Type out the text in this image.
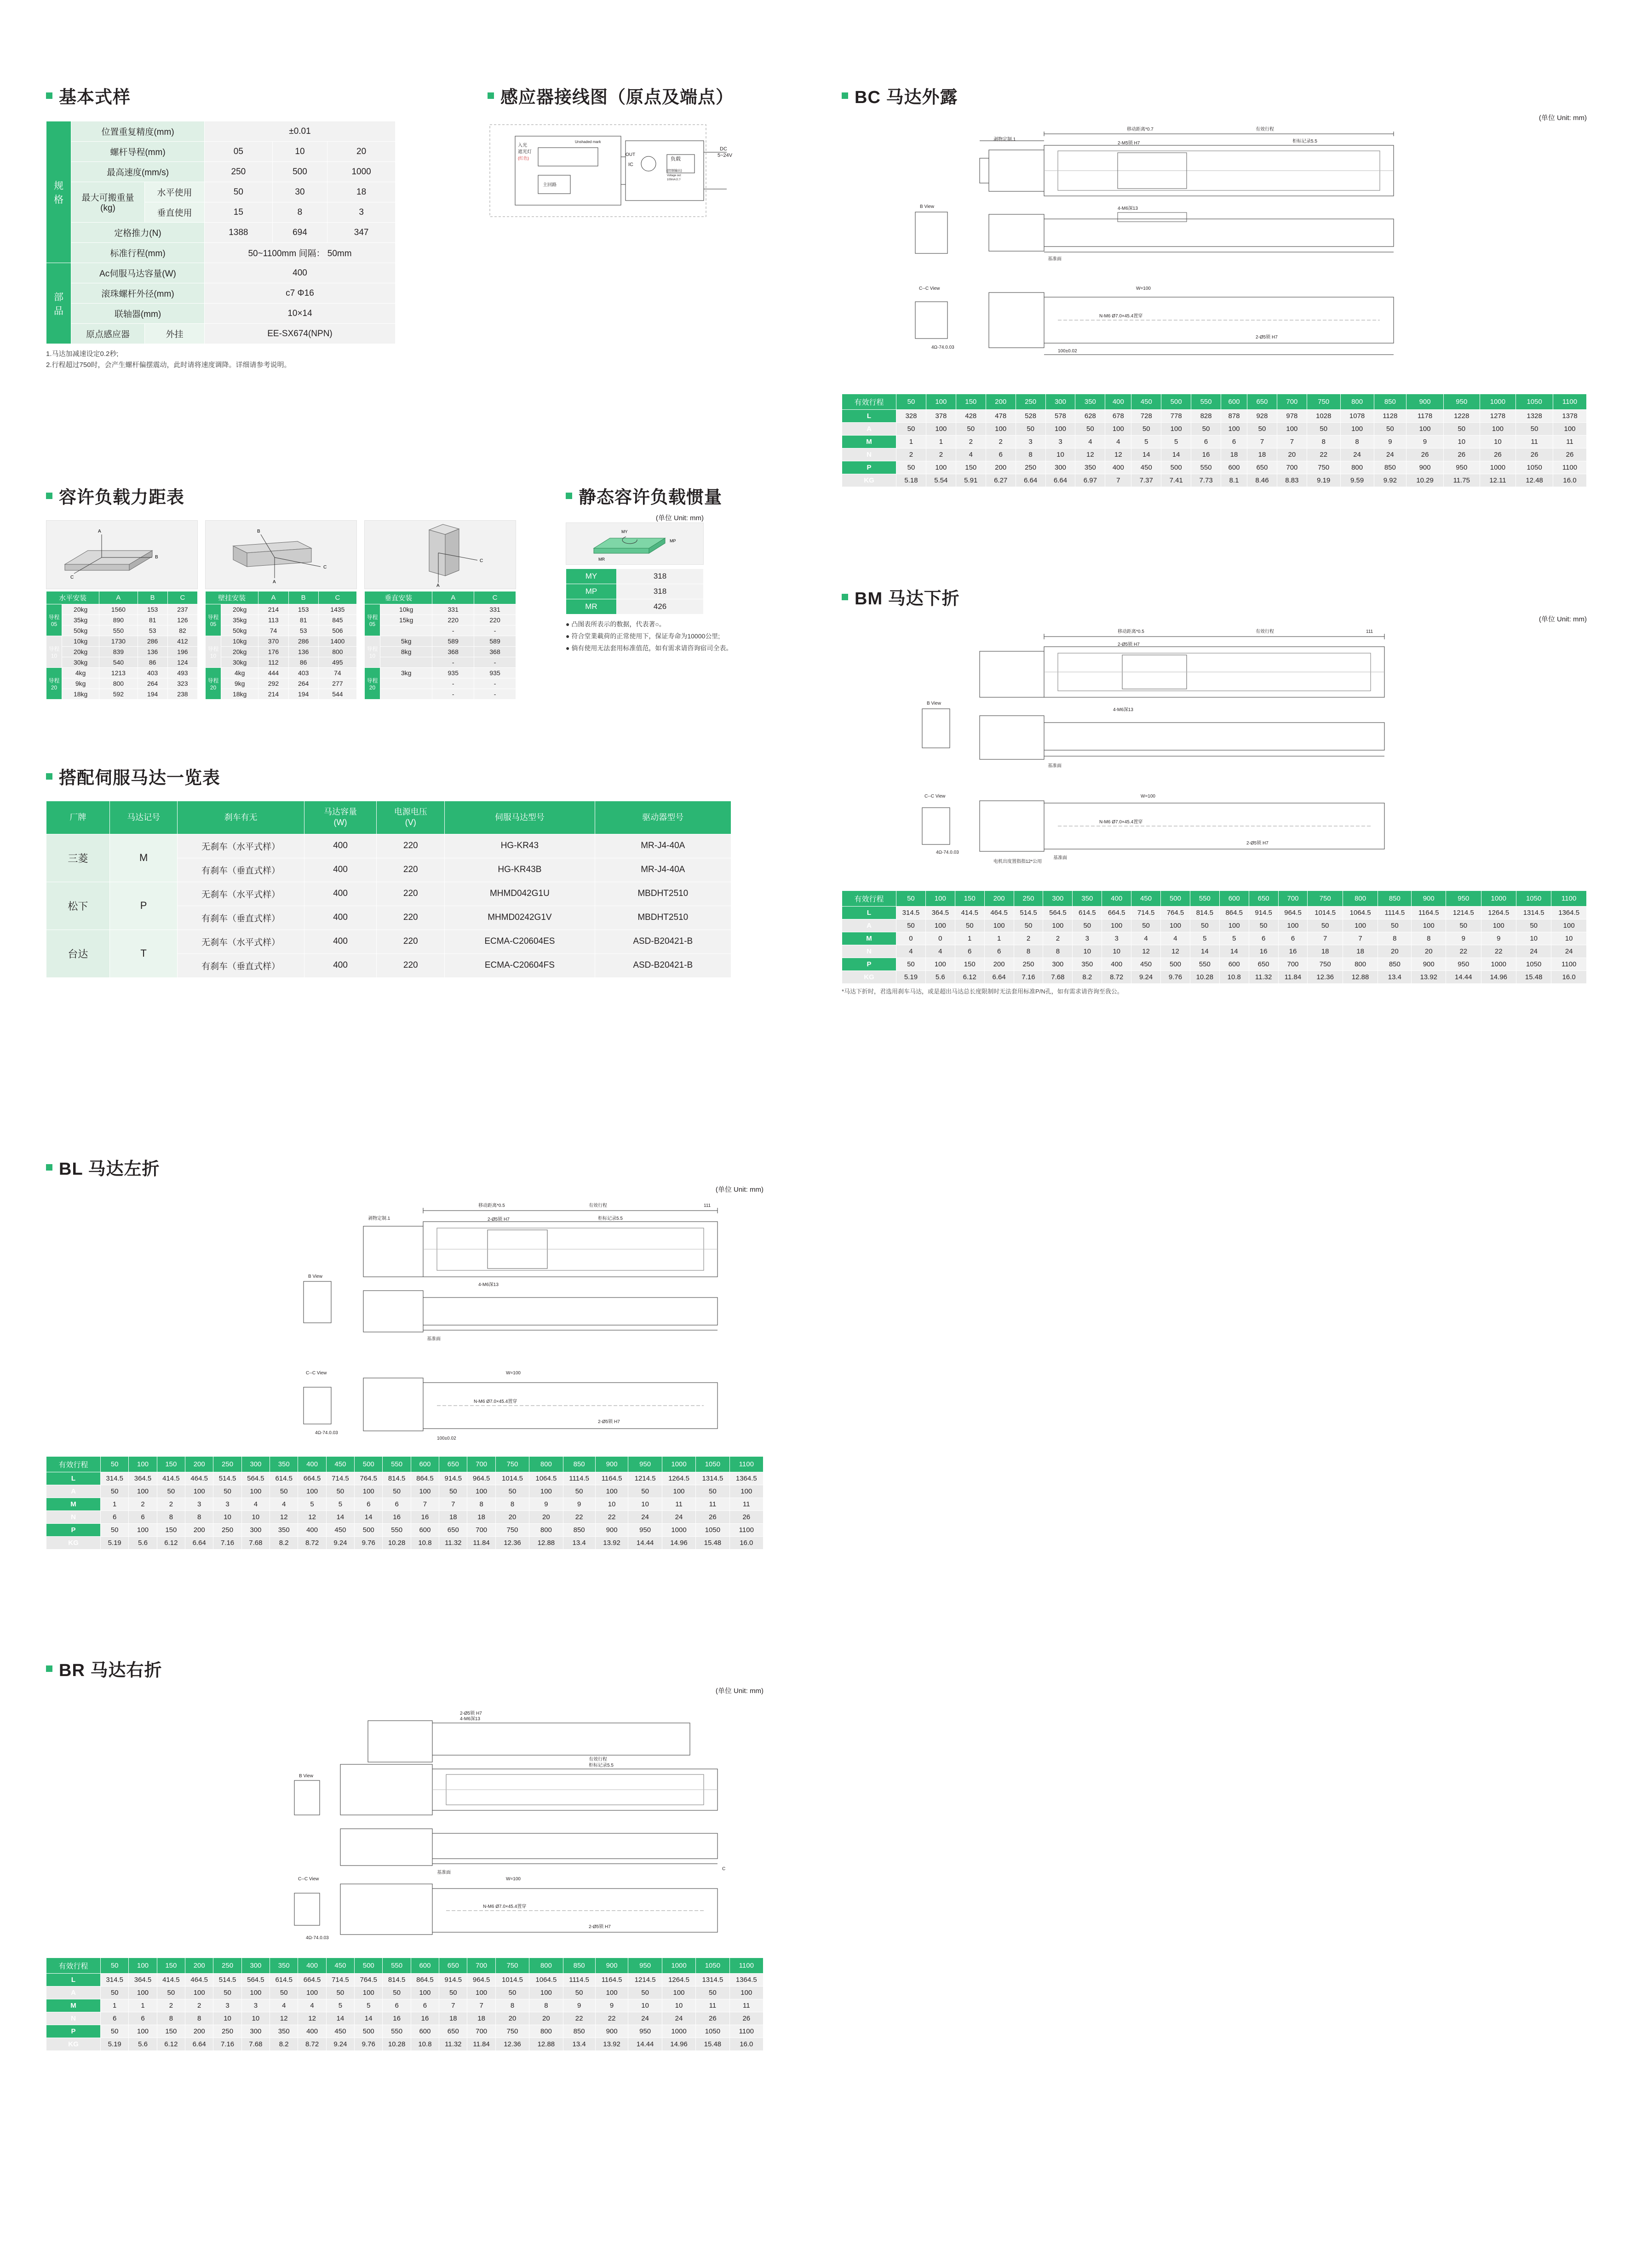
基本式样
规格	位置重复精度(mm)		±0.01		
	螺杆导程(mm)		05	10	20
	最高速度(mm/s)		250	500	1000
	最大可搬重量
(kg)	水平使用	50	30	18
		垂直使用	15	8	3
	定格推力(N)		1388	694	347
	标准行程(mm)		50~1100mm 间隔： 50mm		
部品	Ac伺服马达容量(W)		400		
	滚珠螺杆外径(mm)		c7 Φ16		
	联轴器(mm)		10×14		
	原点感应器	外挂	EE-SX674(NPN)		
1.马达加减速设定0.2秒;
2.行程超过750时，会产生螺杆偏摆震动，此时请将速度调降。详细请参考说明。
感应器接线图（原点及端点）
入光
遮光灯
(红色)
主回路
Unshaded mark
IC
OUT
负载
(控制输出)
Voltage out:
100mA以下
DC
5~24V
BC 马达外露
(单位 Unit: mm)
移动距离*0.7	有效行程
剥物定制.1
2-M5锁 H7	柜标记录5.5
B View	4-M6深13
基准面
C--C View	W=100
N-M6 Ø7.0×45.4置穿
2-Ø5锁 H7
4Ω-74.0.03
100±0.02
有效行程	50	100	150	200	250	300	350	400	450	500	550	600	650	700	750	800	850	900	950	1000	1050	1100
L	328	378	428	478	528	578	628	678	728	778	828	878	928	978	1028	1078	1128	1178	1228	1278	1328	1378
A	50	100	50	100	50	100	50	100	50	100	50	100	50	100	50	100	50	100	50	100	50	100
M	1	1	2	2	3	3	4	4	5	5	6	6	7	7	8	8	9	9	10	10	11	11
N	2	2	4	6	8	10	12	12	14	14	16	18	18	20	22	24	24	26	26	26	26	26
P	50	100	150	200	250	300	350	400	450	500	550	600	650	700	750	800	850	900	950	1000	1050	1100
KG	5.18	5.54	5.91	6.27	6.64	6.64	6.97	7	7.37	7.41	7.73	8.1	8.46	8.83	9.19	9.59	9.92	10.29	11.75	12.11	12.48	16.0
BM 马达下折
(单位 Unit: mm)
移动距离*0.5	有效行程	111
2-Ø5锁 H7
B View
4-M6深13
基准面
C--C View	W=100
N-M6 Ø7.0×45.4置穿
2-Ø5锁 H7
4Ω-74.0.03
电机出度置指指12*公用
基准面
有效行程	50	100	150	200	250	300	350	400	450	500	550	600	650	700	750	800	850	900	950	1000	1050	1100
L	314.5	364.5	414.5	464.5	514.5	564.5	614.5	664.5	714.5	764.5	814.5	864.5	914.5	964.5	1014.5	1064.5	1114.5	1164.5	1214.5	1264.5	1314.5	1364.5
A	50	100	50	100	50	100	50	100	50	100	50	100	50	100	50	100	50	100	50	100	50	100
M	0	0	1	1	2	2	3	3	4	4	5	5	6	6	7	7	8	8	9	9	10	10
N	4	4	6	6	8	8	10	10	12	12	14	14	16	16	18	18	20	20	22	22	24	24
P	50	100	150	200	250	300	350	400	450	500	550	600	650	700	750	800	850	900	950	1000	1050	1100
KG	5.19	5.6	6.12	6.64	7.16	7.68	8.2	8.72	9.24	9.76	10.28	10.8	11.32	11.84	12.36	12.88	13.4	13.92	14.44	14.96	15.48	16.0
*马达下折时，君选用刹车马达，或是超出马达总长度限制时无法套用标准P/N孔，如有需求请咨询至我公。
容许负载力距表
A
B
C
水平安装		A	B	C
导程
05	20kg	1560	153	237
	35kg	890	81	126
	50kg	550	53	82
导程
10	10kg	1730	286	412
	20kg	839	136	196
	30kg	540	86	124
导程
20	4kg	1213	403	493
	9kg	800	264	323
	18kg	592	194	238
A
C
B
壁挂安装		A	B	C
导程
05	20kg	214	153	1435
	35kg	113	81	845
	50kg	74	53	506
导程
10	10kg	370	286	1400
	20kg	176	136	800
	30kg	112	86	495
导程
20	4kg	444	403	74
	9kg	292	264	277
	18kg	214	194	544
A
C
垂直安装		A	C
导程
05	10kg	331	331
	15kg	220	220
		-	-
导程
10	5kg	589	589
	8kg	368	368
		-	-
导程
20	3kg	935	935
		-	-
		-	-
静态容许负载惯量
(单位 Unit: mm)
MY
MP
MR
MY	318
MP	318
MR	426
● 凸图表所表示的数据，代表著○。
● 符合堂業載荷的正常使用下，保证寿命为10000公里;
● 倘有使用无法套用标准值范，如有需求请咨询宿司全表。
搭配伺服马达一览表
厂牌	马达记号	刹车有无	马达容量
(W)	电源电压
(V)	伺服马达型号	驱动器型号
三菱	M	无刹车（水平式样）	400	220	HG-KR43	MR-J4-40A
		有刹车（垂直式样）	400	220	HG-KR43B	MR-J4-40A
松下	P	无刹车（水平式样）	400	220	MHMD042G1U	MBDHT2510
		有刹车（垂直式样）	400	220	MHMD0242G1V	MBDHT2510
台达	T	无刹车（水平式样）	400	220	ECMA-C20604ES	ASD-B20421-B
		有刹车（垂直式样）	400	220	ECMA-C20604FS	ASD-B20421-B
BL 马达左折
(单位 Unit: mm)
移动距离*0.5	有效行程	111
剥物定制.1	2-Ø5锁 H7	柜标记录5.5
B View
4-M6深13
基准面
C--C View	W=100
N-M6 Ø7.0×45.4置穿
2-Ø5锁 H7
4Ω-74.0.03
100±0.02
有效行程	50	100	150	200	250	300	350	400	450	500	550	600	650	700	750	800	850	900	950	1000	1050	1100
L	314.5	364.5	414.5	464.5	514.5	564.5	614.5	664.5	714.5	764.5	814.5	864.5	914.5	964.5	1014.5	1064.5	1114.5	1164.5	1214.5	1264.5	1314.5	1364.5
A	50	100	50	100	50	100	50	100	50	100	50	100	50	100	50	100	50	100	50	100	50	100
M	1	2	2	3	3	4	4	5	5	6	6	7	7	8	8	9	9	10	10	11	11	11
N	6	6	8	8	10	10	12	12	14	14	16	16	18	18	20	20	22	22	24	24	26	26
P	50	100	150	200	250	300	350	400	450	500	550	600	650	700	750	800	850	900	950	1000	1050	1100
KG	5.19	5.6	6.12	6.64	7.16	7.68	8.2	8.72	9.24	9.76	10.28	10.8	11.32	11.84	12.36	12.88	13.4	13.92	14.44	14.96	15.48	16.0
BR 马达右折
(单位 Unit: mm)
2-Ø5锁 H7
4-M6深13
B View
有效行程
柜标记录5.5
基准面
C--C View	W=100
N-M6 Ø7.0×45.4置穿
2-Ø5锁 H7
4Ω-74.0.03
C
有效行程	50	100	150	200	250	300	350	400	450	500	550	600	650	700	750	800	850	900	950	1000	1050	1100
L	314.5	364.5	414.5	464.5	514.5	564.5	614.5	664.5	714.5	764.5	814.5	864.5	914.5	964.5	1014.5	1064.5	1114.5	1164.5	1214.5	1264.5	1314.5	1364.5
A	50	100	50	100	50	100	50	100	50	100	50	100	50	100	50	100	50	100	50	100	50	100
M	1	1	2	2	3	3	4	4	5	5	6	6	7	7	8	8	9	9	10	10	11	11
N	6	6	8	8	10	10	12	12	14	14	16	16	18	18	20	20	22	22	24	24	26	26
P	50	100	150	200	250	300	350	400	450	500	550	600	650	700	750	800	850	900	950	1000	1050	1100
KG	5.19	5.6	6.12	6.64	7.16	7.68	8.2	8.72	9.24	9.76	10.28	10.8	11.32	11.84	12.36	12.88	13.4	13.92	14.44	14.96	15.48	16.0
